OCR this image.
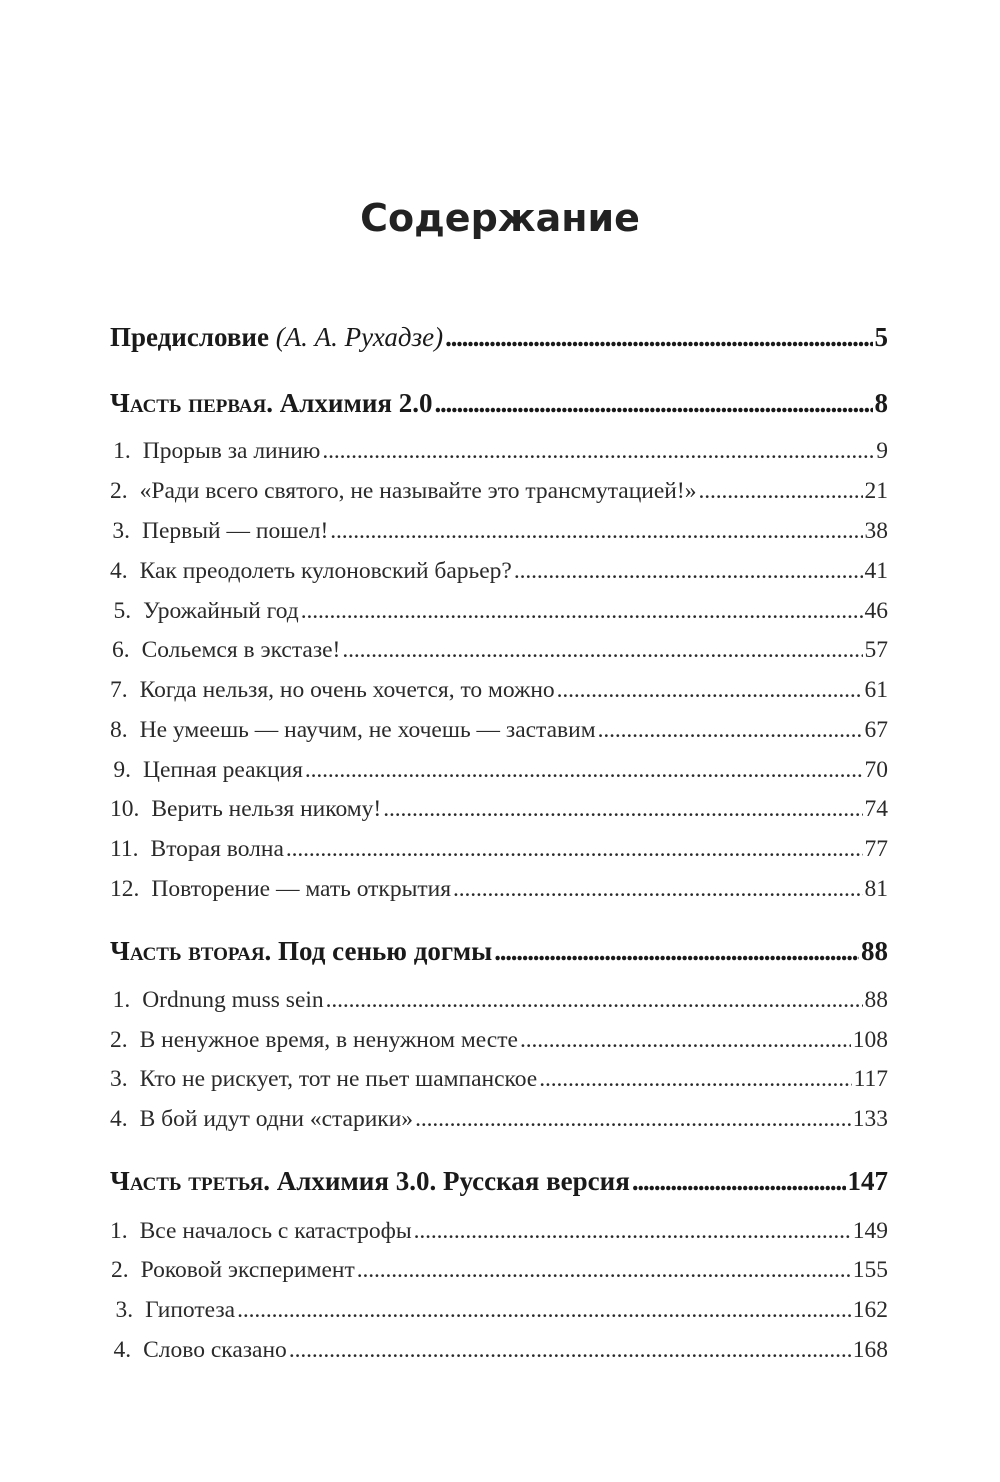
Содержание
Предисловие (А. А. Рухадзе) . . .	5
Часть первая. Алхимия 2.0 . . .	8
1. Прорыв за линию . . .	9
2. «Ради всего святого, не называйте это трансмутацией!» . . .	21
3. Первый — пошел! . . .	38
4. Как преодолеть кулоновский барьер? . . .	41
5. Урожайный год . . .	46
6. Сольемся в экстазе! . . .	57
7. Когда нельзя, но очень хочется, то можно . . .	61
8. Не умеешь — научим, не хочешь — заставим . . .	67
9. Цепная реакция . . .	70
10. Верить нельзя никому! . . .	74
11. Вторая волна . . .	77
12. Повторение — мать открытия . . .	81
Часть вторая. Под сенью догмы . . .	88
1. Ordnung muss sein . . .	88
2. В ненужное время, в ненужном месте . . .	108
3. Кто не рискует, тот не пьет шампанское . . .	117
4. В бой идут одни «старики» . . .	133
Часть третья. Алхимия 3.0. Русская версия . . .	147
1. Все началось с катастрофы . . .	149
2. Роковой эксперимент . . .	155
3. Гипотеза . . .	162
4. Слово сказано . . .	168
